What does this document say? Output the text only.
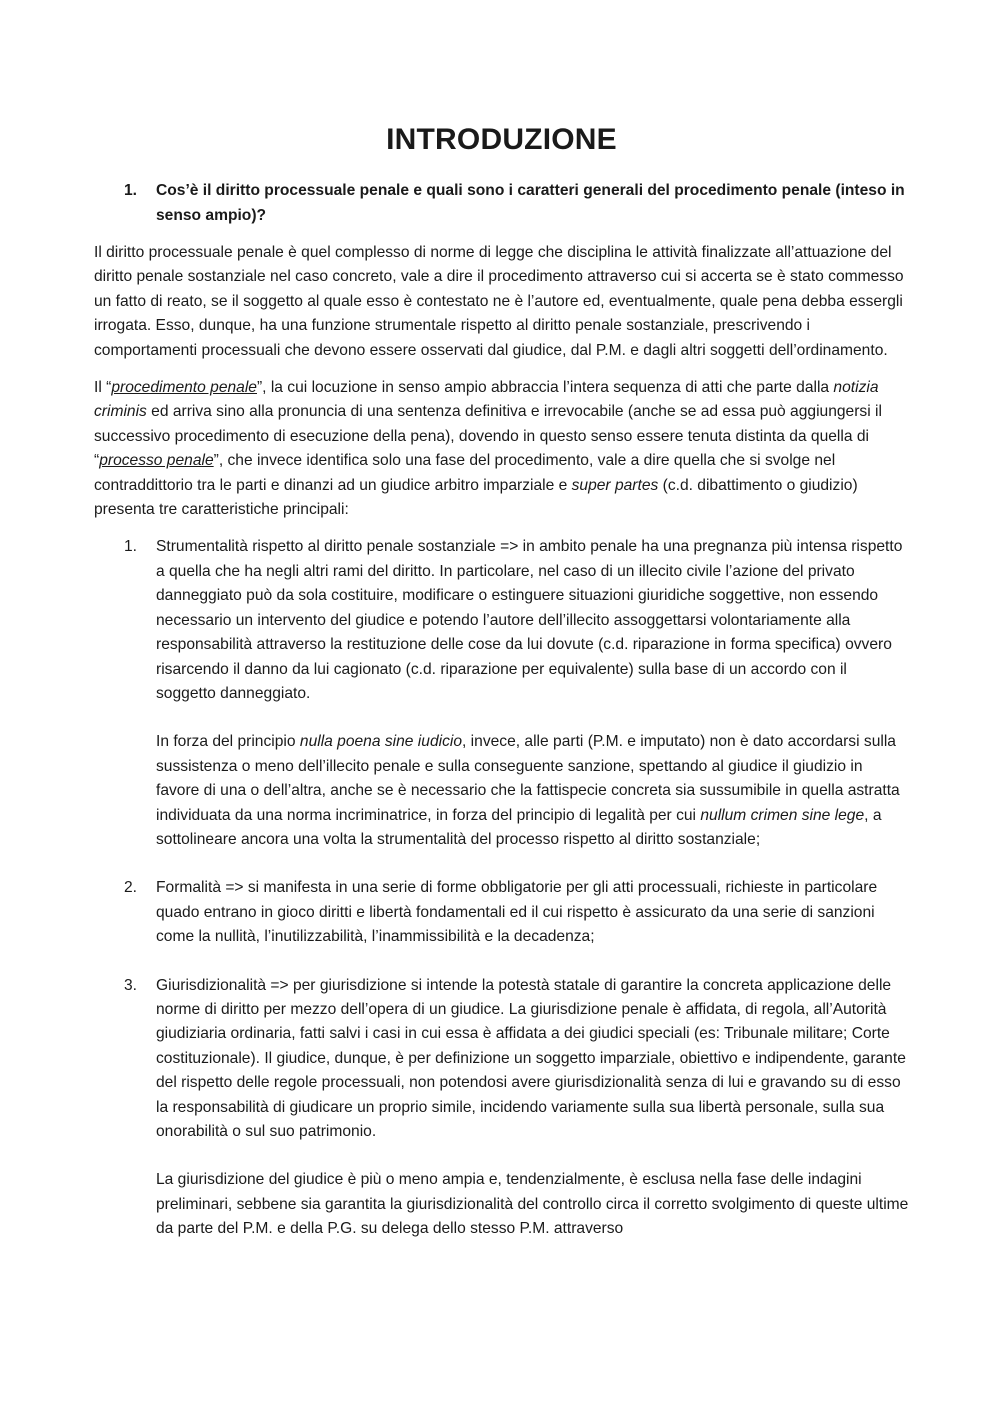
INTRODUZIONE
1.	Cos’è il diritto processuale penale e quali sono i caratteri generali del procedimento penale (inteso in senso ampio)?

Il diritto processuale penale è quel complesso di norme di legge che disciplina le attività finalizzate all’attuazione del diritto penale sostanziale nel caso concreto, vale a dire il procedimento attraverso cui si accerta se è stato commesso un fatto di reato, se il soggetto al quale esso è contestato ne è l’autore ed, eventualmente, quale pena debba essergli irrogata. Esso, dunque, ha una funzione strumentale rispetto al diritto penale sostanziale, prescrivendo i comportamenti processuali che devono essere osservati dal giudice, dal P.M. e dagli altri soggetti dell’ordinamento.

Il “procedimento penale”, la cui locuzione in senso ampio abbraccia l’intera sequenza di atti che parte dalla notizia criminis ed arriva sino alla pronuncia di una sentenza definitiva e irrevocabile (anche se ad essa può aggiungersi il successivo procedimento di esecuzione della pena), dovendo in questo senso essere tenuta distinta da quella di “processo penale”, che invece identifica solo una fase del procedimento, vale a dire quella che si svolge nel contraddittorio tra le parti e dinanzi ad un giudice arbitro imparziale e super partes (c.d. dibattimento o giudizio) presenta tre caratteristiche principali:

1.	Strumentalità rispetto al diritto penale sostanziale => in ambito penale ha una pregnanza più intensa rispetto a quella che ha negli altri rami del diritto. In particolare, nel caso di un illecito civile l’azione del privato danneggiato può da sola costituire, modificare o estinguere situazioni giuridiche soggettive, non essendo necessario un intervento del giudice e potendo l’autore dell’illecito assoggettarsi volontariamente alla responsabilità attraverso la restituzione delle cose da lui dovute (c.d. riparazione in forma specifica) ovvero risarcendo il danno da lui cagionato (c.d. riparazione per equivalente) sulla base di un accordo con il soggetto danneggiato.

In forza del principio nulla poena sine iudicio, invece, alle parti (P.M. e imputato) non è dato accordarsi sulla sussistenza o meno dell’illecito penale e sulla conseguente sanzione, spettando al giudice il giudizio in favore di una o dell’altra, anche se è necessario che la fattispecie concreta sia sussumibile in quella astratta individuata da una norma incriminatrice, in forza del principio di legalità per cui nullum crimen sine lege, a sottolineare ancora una volta la strumentalità del processo rispetto al diritto sostanziale;

2.	Formalità => si manifesta in una serie di forme obbligatorie per gli atti processuali, richieste in particolare quado entrano in gioco diritti e libertà fondamentali ed il cui rispetto è assicurato da una serie di sanzioni come la nullità, l’inutilizzabilità, l’inammissibilità e la decadenza;

3.	Giurisdizionalità => per giurisdizione si intende la potestà statale di garantire la concreta applicazione delle norme di diritto per mezzo dell’opera di un giudice. La giurisdizione penale è affidata, di regola, all’Autorità giudiziaria ordinaria, fatti salvi i casi in cui essa è affidata a dei giudici speciali (es: Tribunale militare; Corte costituzionale). Il giudice, dunque, è per definizione un soggetto imparziale, obiettivo e indipendente, garante del rispetto delle regole processuali, non potendosi avere giurisdizionalità senza di lui e gravando su di esso la responsabilità di giudicare un proprio simile, incidendo variamente sulla sua libertà personale, sulla sua onorabilità o sul suo patrimonio.

La giurisdizione del giudice è più o meno ampia e, tendenzialmente, è esclusa nella fase delle indagini preliminari, sebbene sia garantita la giurisdizionalità del controllo circa il corretto svolgimento di queste ultime da parte del P.M. e della P.G. su delega dello stesso P.M. attraverso
